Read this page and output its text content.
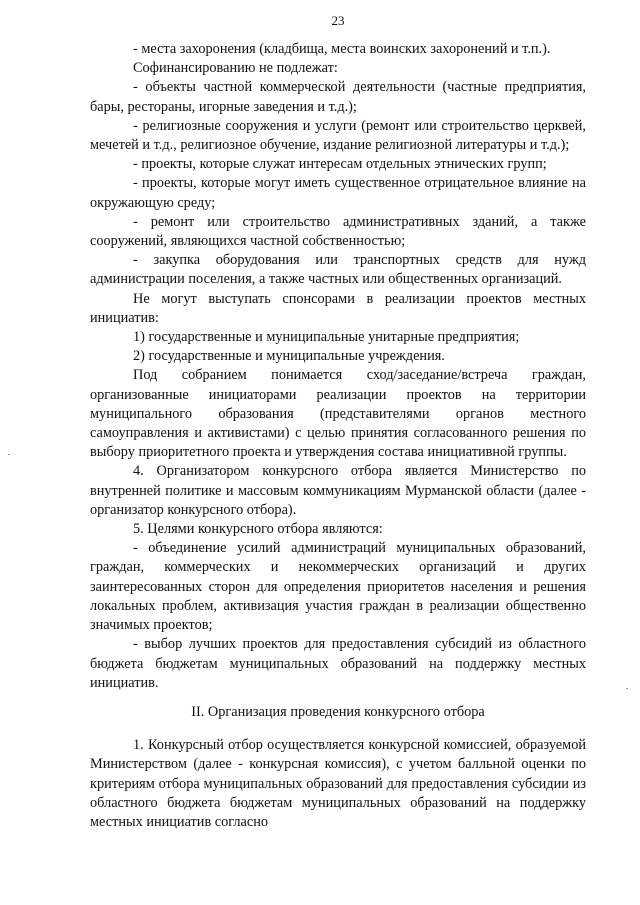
23

- места захоронения (кладбища, места воинских захоронений и т.п.).

Софинансированию не подлежат:

- объекты частной коммерческой деятельности (частные предприятия, бары, рестораны, игорные заведения и т.д.);

- религиозные сооружения и услуги (ремонт или строительство церквей, мечетей и т.д., религиозное обучение, издание религиозной литературы и т.д.);

- проекты, которые служат интересам отдельных этнических групп;

- проекты, которые могут иметь существенное отрицательное влияние на окружающую среду;

- ремонт или строительство административных зданий, а также сооружений, являющихся частной собственностью;

- закупка оборудования или транспортных средств для нужд администрации поселения, а также частных или общественных организаций.

Не могут выступать спонсорами в реализации проектов местных инициатив:

1) государственные и муниципальные унитарные предприятия;

2) государственные и муниципальные учреждения.

Под собранием понимается сход/заседание/встреча граждан, организованные инициаторами реализации проектов на территории муниципального образования (представителями органов местного самоуправления и активистами) с целью принятия согласованного решения по выбору приоритетного проекта и утверждения состава инициативной группы.

4. Организатором конкурсного отбора является Министерство по внутренней политике и массовым коммуникациям Мурманской области (далее - организатор конкурсного отбора).

5. Целями конкурсного отбора являются:

- объединение усилий администраций муниципальных образований, граждан, коммерческих и некоммерческих организаций и других заинтересованных сторон для определения приоритетов населения и решения локальных проблем, активизация участия граждан в реализации общественно значимых проектов;

- выбор лучших проектов для предоставления субсидий из областного бюджета бюджетам муниципальных образований на поддержку местных инициатив.

II. Организация проведения конкурсного отбора

1. Конкурсный отбор осуществляется конкурсной комиссией, образуемой Министерством (далее - конкурсная комиссия), с учетом балльной оценки по критериям отбора муниципальных образований для предоставления субсидии из областного бюджета бюджетам муниципальных образований на поддержку местных инициатив согласно
